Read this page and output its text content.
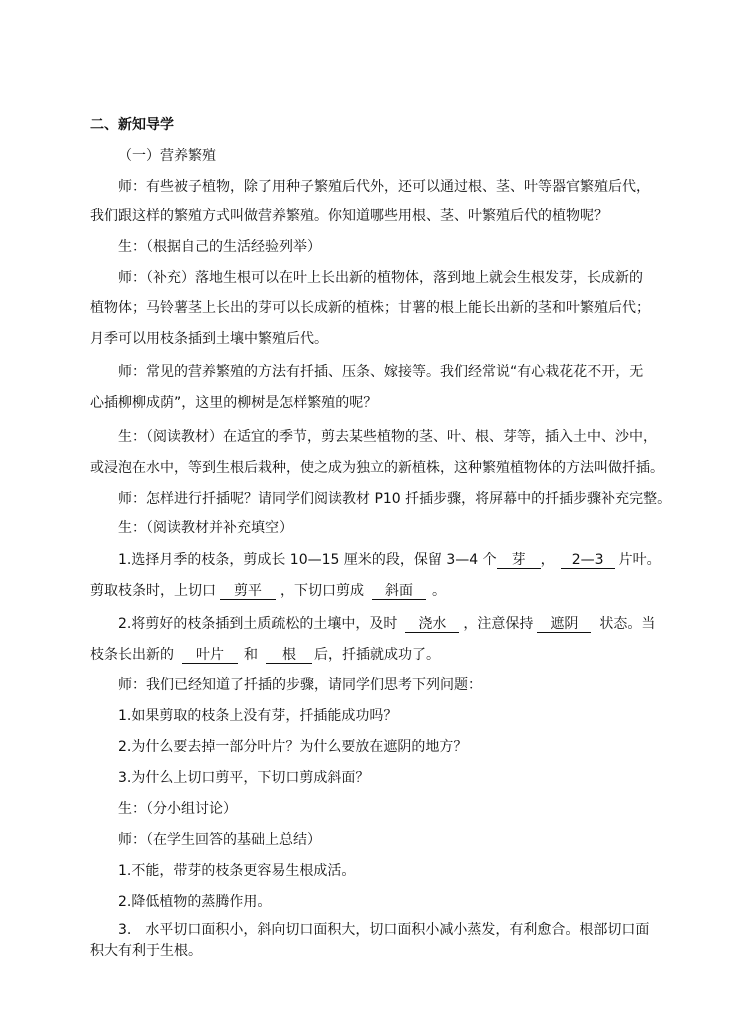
二、新知导学
（一）营养繁殖
师：有些被子植物，除了用种子繁殖后代外，还可以通过根、茎、叶等器官繁殖后代，
我们跟这样的繁殖方式叫做营养繁殖。你知道哪些用根、茎、叶繁殖后代的植物呢？
生：（根据自己的生活经验列举）
师：（补充）落地生根可以在叶上长出新的植物体，落到地上就会生根发芽，长成新的
植物体；马铃薯茎上长出的芽可以长成新的植株；甘薯的根上能长出新的茎和叶繁殖后代；
月季可以用枝条插到土壤中繁殖后代。
师：常见的营养繁殖的方法有扦插、压条、嫁接等。我们经常说“有心栽花花不开，无
心插柳柳成荫”，这里的柳树是怎样繁殖的呢？
生：（阅读教材）在适宜的季节，剪去某些植物的茎、叶、根、芽等，插入土中、沙中，
或浸泡在水中，等到生根后栽种，使之成为独立的新植株，这种繁殖植物体的方法叫做扦插。
师：怎样进行扦插呢？请同学们阅读教材 P10 扦插步骤，将屏幕中的扦插步骤补充完整。
生：（阅读教材并补充填空）
1.选择月季的枝条，剪成长 10—15 厘米的段，保留 3—4 个 芽 ， 2—3 片叶。
剪取枝条时，上切口 剪平 ，下切口剪成 斜面 。
2.将剪好的枝条插到土质疏松的土壤中，及时 浇水 ，注意保持 遮阴 状态。当
枝条长出新的 叶片 和 根 后，扦插就成功了。
师：我们已经知道了扦插的步骤，请同学们思考下列问题：
1.如果剪取的枝条上没有芽，扦插能成功吗？
2.为什么要去掉一部分叶片？为什么要放在遮阴的地方？
3.为什么上切口剪平，下切口剪成斜面？
生：（分小组讨论）
师：（在学生回答的基础上总结）
1.不能，带芽的枝条更容易生根成活。
2.降低植物的蒸腾作用。
3.　水平切口面积小，斜向切口面积大，切口面积小减小蒸发，有利愈合。根部切口面
积大有利于生根。
